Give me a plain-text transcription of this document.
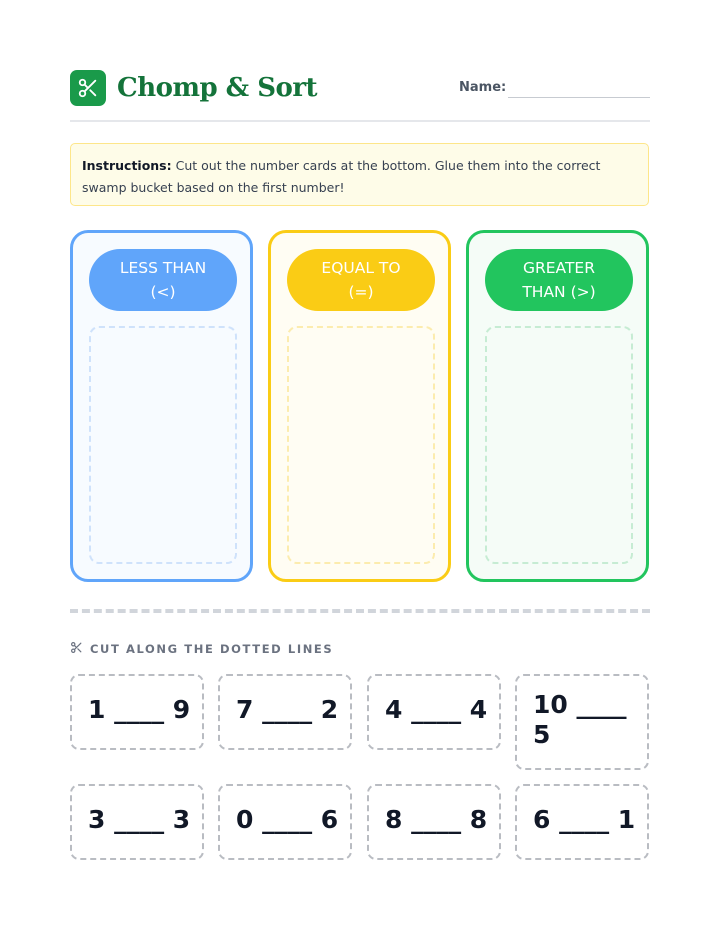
Chomp & Sort	Name:
Instructions: Cut out the number cards at the bottom. Glue them into the correct swamp bucket based on the first number!
LESS THAN
(<)
EQUAL TO
(=)
GREATER
THAN (>)
CUT ALONG THE DOTTED LINES
1 ____ 9	7 ____ 2	4 ____ 4	10 ____ 5
3 ____ 3	0 ____ 6	8 ____ 8	6 ____ 1
